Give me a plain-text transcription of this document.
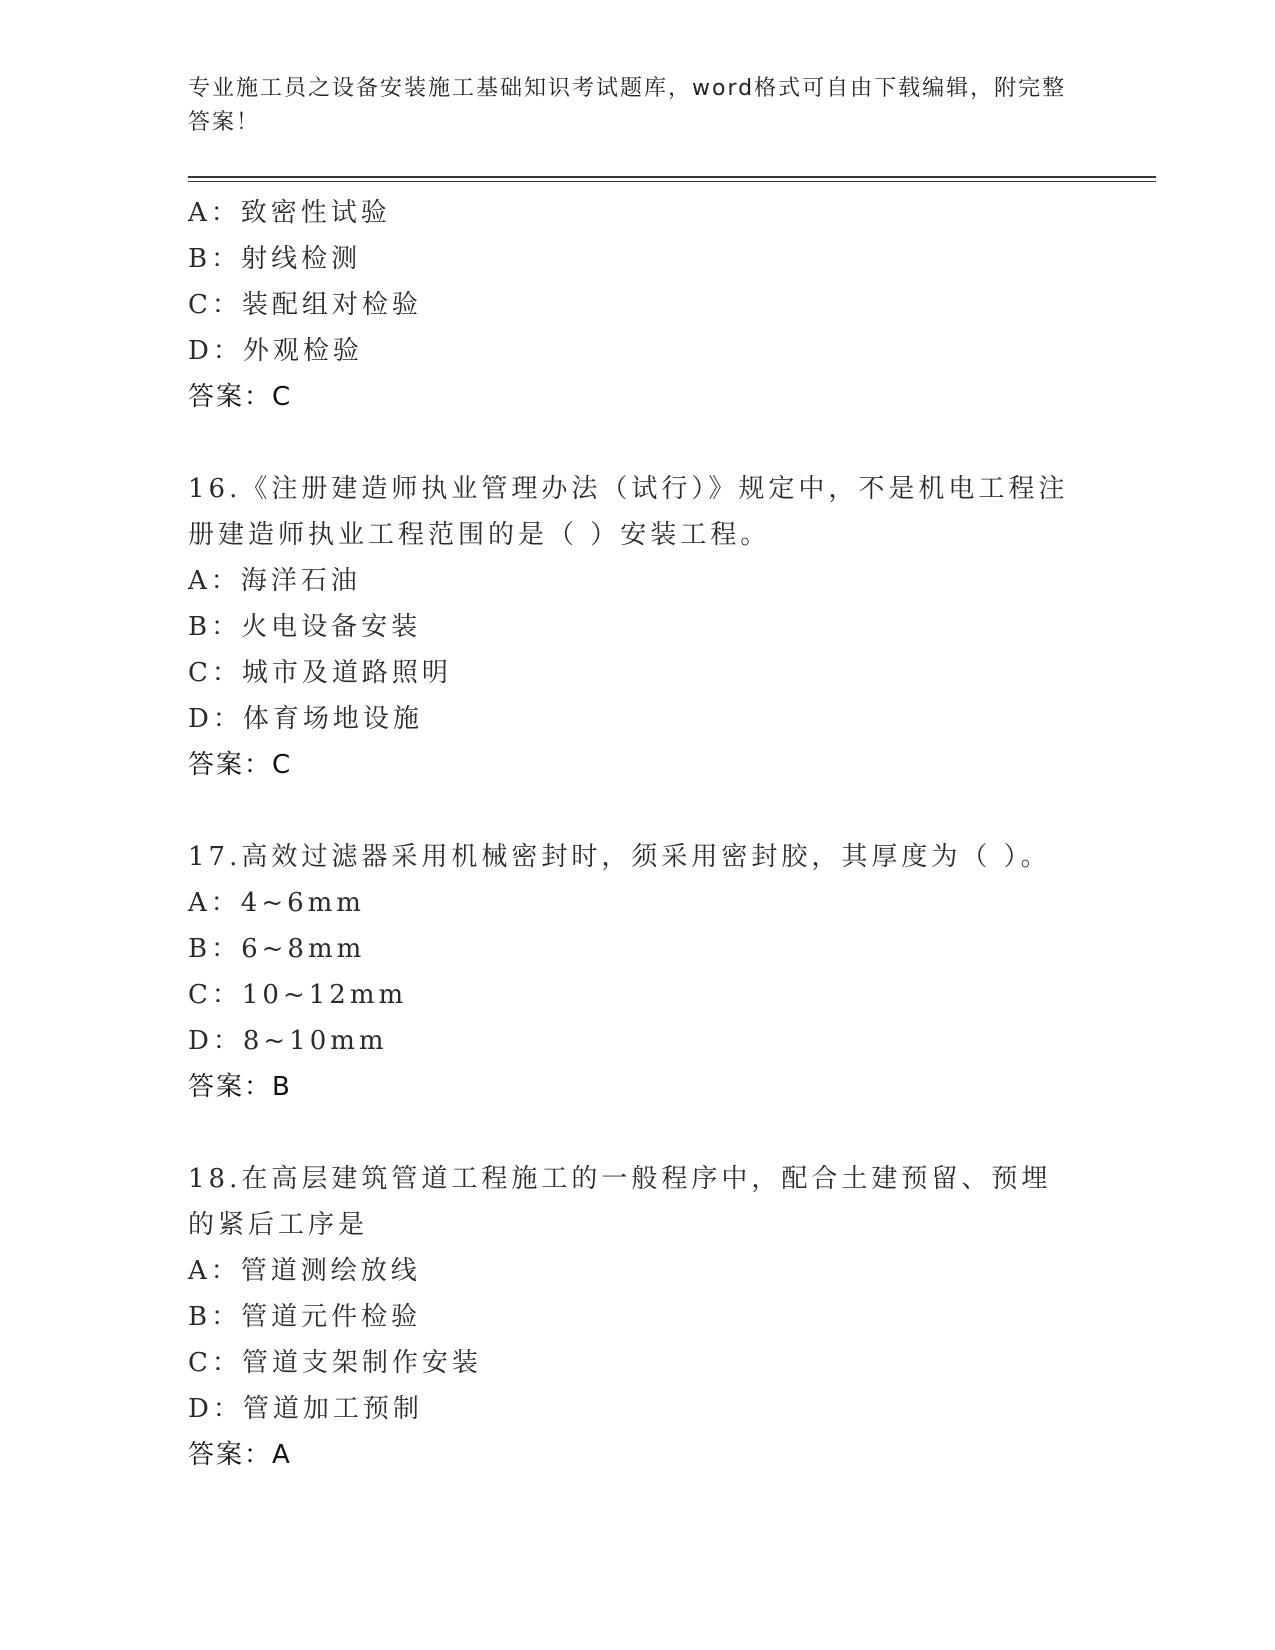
专业施工员之设备安装施工基础知识考试题库，word格式可自由下载编辑，附完整答案！
A：致密性试验
B：射线检测
C：装配组对检验
D：外观检验
答案：C
16.《注册建造师执业管理办法（试行）》规定中，不是机电工程注册建造师执业工程范围的是（ ）安装工程。
A：海洋石油
B：火电设备安装
C：城市及道路照明
D：体育场地设施
答案：C
17.高效过滤器采用机械密封时，须采用密封胶，其厚度为（ ）。
A：4~6mm
B：6~8mm
C：10~12mm
D：8~10mm
答案：B
18.在高层建筑管道工程施工的一般程序中，配合土建预留、预埋的紧后工序是
A：管道测绘放线
B：管道元件检验
C：管道支架制作安装
D：管道加工预制
答案：A
